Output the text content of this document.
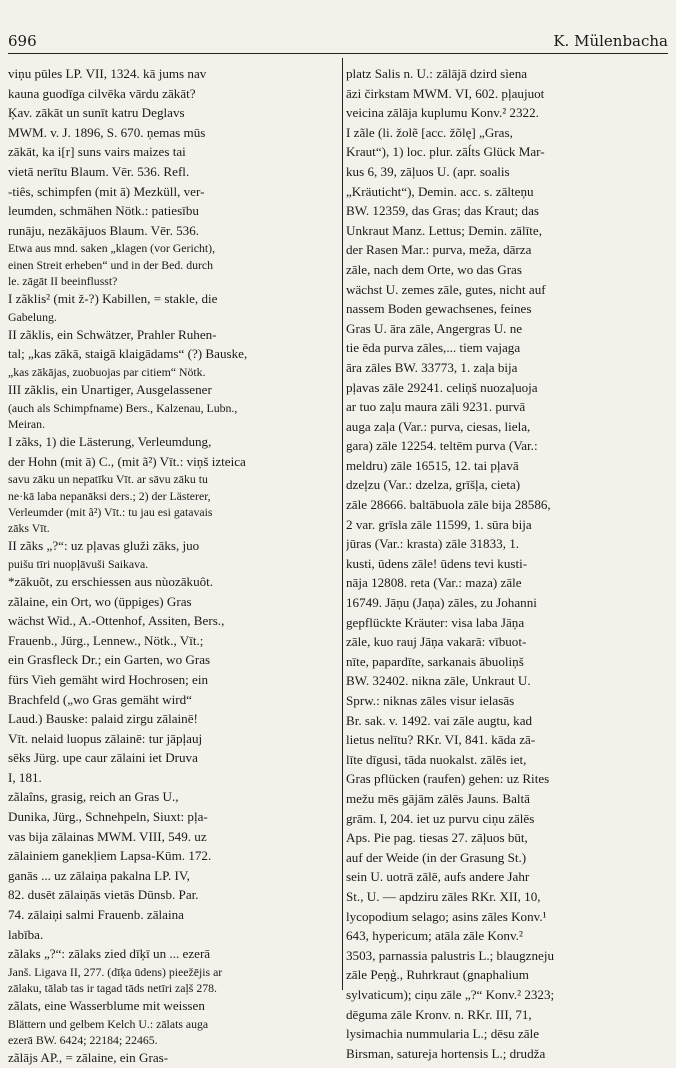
696	K. Mülenbacha
viņu pūles LP. VII, 1324. kā jums nav
kauna guodīga cilvēka vārdu zākāt?
Ķav. zākāt un sunīt katru Deglavs
MWM. v. J. 1896, S. 670. ņemas mūs
zākāt, ka i[r] suns vairs maizes tai
vietā nerītu Blaum. Vēr. 536. Refl.
-tiês, schimpfen (mit ā) Mezküll, ver-
leumden, schmähen Nötk.: patiesību
runāju, nezākājuos Blaum. Vēr. 536.
Etwa aus mnd. saken „klagen (vor Gericht),
einen Streit erheben“ und in der Bed. durch
le. zāgāt II beeinflusst?
I zãklis² (mit ž-?) Kabillen, = stakle, die
Gabelung.
II zãklis, ein Schwätzer, Prahler Ruhen-
tal; „kas zākā, staigā klaigādams“ (?) Bauske,
„kas zākājas, zuobuojas par citiem“ Nötk.
III zãklis, ein Unartiger, Ausgelassener
(auch als Schimpfname) Bers., Kalzenau, Lubn.,
Meiran.
I zãks, 1) die Lästerung, Verleumdung,
der Hohn (mit ā) C., (mit ã²) Vīt.: viņš izteica
savu zāku un nepatīku Vīt. ar sāvu zāku tu
ne·kā laba nepanāksi ders.; 2) der Lästerer,
Verleumder (mit ã²) Vīt.: tu jau esi gatavais
zāks Vīt.
II zãks „?“: uz pļavas gluži zāks, juo
puišu tīri nuopļāvuši Saikava.
*zākuõt, zu erschiessen aus nùozākuôt.
zãlaine, ein Ort, wo (üppiges) Gras
wächst Wid., A.-Ottenhof, Assiten, Bers.,
Frauenb., Jürg., Lennew., Nötk., Vīt.;
ein Grasfleck Dr.; ein Garten, wo Gras
fürs Vieh gemäht wird Hochrosen; ein
Brachfeld („wo Gras gemäht wird“
Laud.) Bauske: palaid zirgu zālainē!
Vīt. nelaid luopus zālainē: tur jāpļauj
sēks Jürg. upe caur zālaini iet Druva
I, 181.
zãlaîns, grasig, reich an Gras U.,
Dunika, Jürg., Schnehpeln, Siuxt: pļa-
vas bija zālainas MWM. VIII, 549. uz
zālainiem ganekļiem Lapsa-Kūm. 172.
ganās ... uz zālaiņa pakalna LP. IV,
82. dusēt zālaiņās vietās Dūnsb. Par.
74. zālaiņi salmi Frauenb. zālaina
labība.
zãlaks „?“: zālaks zied dīķī un ... ezerā
Janš. Ligava II, 277. (dīķa ūdens) pieežējis ar
zālaku, tālab tas ir tagad tāds netīri zaļš 278.
zãlats, eine Wasserblume mit weissen
Blättern und gelbem Kelch U.: zālats auga
ezerā BW. 6424; 22184; 22465.
zãlājs AP., = zālaine, ein Gras-
platz Salis n. U.: zālājā dzird sìena
āzi čirkstam MWM. VI, 602. pļaujuot
veicina zālāja kuplumu Konv.² 2322.
I zãle (li. žolẽ [acc. žõlę] „Gras,
Kraut“), 1) loc. plur. zāĺts Glück Mar-
kus 6, 39, zāļuos U. (apr. soalis
„Kräuticht“), Demin. acc. s. zālteņu
BW. 12359, das Gras; das Kraut; das
Unkraut Manz. Lettus; Demin. zālīte,
der Rasen Mar.: purva, meža, dārza
zāle, nach dem Orte, wo das Gras
wächst U. zemes zāle, gutes, nicht auf
nassem Boden gewachsenes, feines
Gras U. āra zāle, Angergras U. ne
tie ēda purva zāles,... tiem vajaga
āra zāles BW. 33773, 1. zaļa bija
pļavas zāle 29241. celiņš nuozaļuoja
ar tuo zaļu maura zāli 9231. purvā
auga zaļa (Var.: purva, ciesas, liela,
gara) zāle 12254. teltēm purva (Var.:
meldru) zāle 16515, 12. tai pļavā
dzeļzu (Var.: dzelza, grīšļa, cieta)
zāle 28666. baltābuola zāle bija 28586,
2 var. grīsla zāle 11599, 1. sūra bija
jūras (Var.: krasta) zāle 31833, 1.
kusti, ūdens zāle! ūdens tevi kusti-
nāja 12808. reta (Var.: maza) zāle
16749. Jāņu (Jaņa) zāles, zu Johanni
gepflückte Kräuter: visa laba Jāņa
zāle, kuo rauj Jāņa vakarā: vībuot-
nīte, papardīte, sarkanais ābuoliņš
BW. 32402. nikna zāle, Unkraut U.
Sprw.: niknas zāles visur ielasās
Br. sak. v. 1492. vai zāle augtu, kad
lietus nelītu? RKr. VI, 841. kāda zā-
līte dīgusi, tāda nuokalst. zālēs iet,
Gras pflücken (raufen) gehen: uz Rites
mežu mēs gājām zālēs Jauns. Baltā
grām. I, 204. iet uz purvu ciņu zālēs
Aps. Pie pag. tiesas 27. zāļuos būt,
auf der Weide (in der Grasung St.)
sein U. uotrā zālē, aufs andere Jahr
St., U. — apdziru zāles RKr. XII, 10,
lycopodium selago; asins zāles Konv.¹
643, hypericum; atāla zāle Konv.²
3503, parnassia palustris L.; blaugzneju
zāle Peņģ., Ruhrkraut (gnaphalium
sylvaticum); ciņu zāle „?“ Konv.² 2323;
dēguma zāle Kronv. n. RKr. III, 71,
lysimachia nummularia L.; dēsu zāle
Birsman, satureja hortensis L.; drudža
